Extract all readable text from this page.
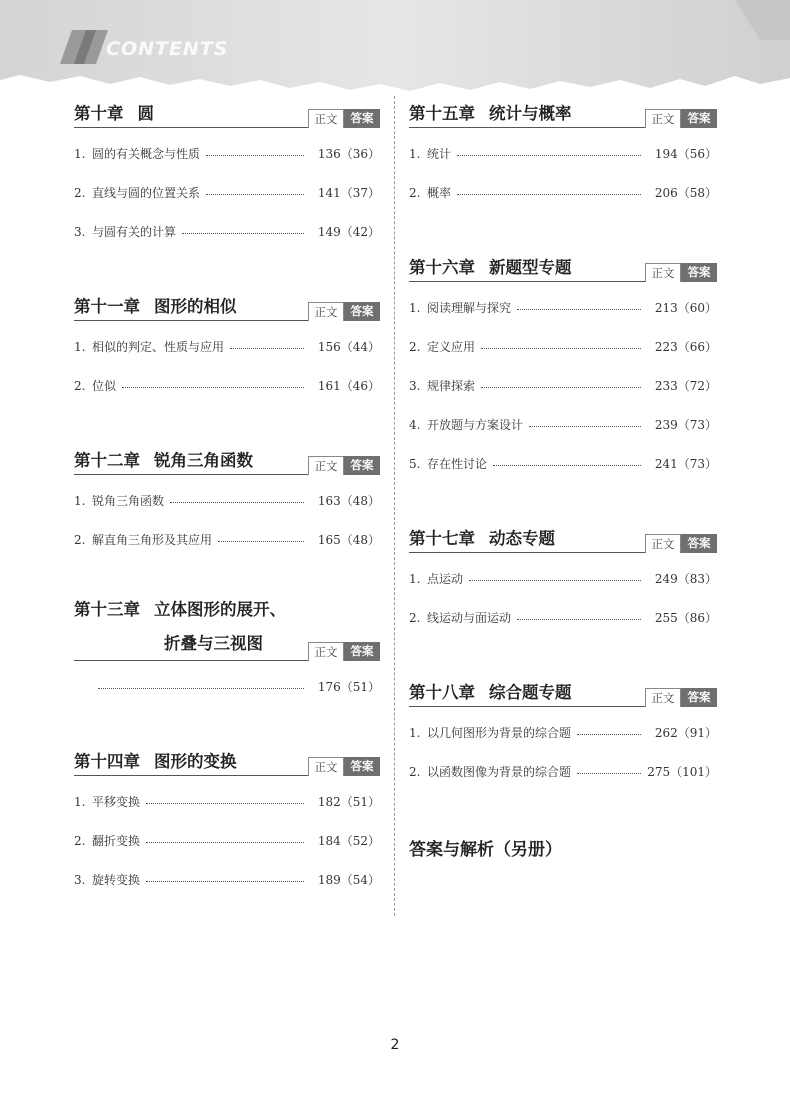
CONTENTS
第十章 圆	正文	答案
1. 圆的有关概念与性质	136（36）
2. 直线与圆的位置关系	141（37）
3. 与圆有关的计算	149（42）
第十一章 图形的相似	正文	答案
1. 相似的判定、性质与应用	156（44）
2. 位似	161（46）
第十二章 锐角三角函数	正文	答案
1. 锐角三角函数	163（48）
2. 解直角三角形及其应用	165（48）
第十三章 立体图形的展开、
折叠与三视图	正文	答案
176（51）
第十四章 图形的变换	正文	答案
1. 平移变换	182（51）
2. 翻折变换	184（52）
3. 旋转变换	189（54）
第十五章 统计与概率	正文	答案
1. 统计	194（56）
2. 概率	206（58）
第十六章 新题型专题	正文	答案
1. 阅读理解与探究	213（60）
2. 定义应用	223（66）
3. 规律探索	233（72）
4. 开放题与方案设计	239（73）
5. 存在性讨论	241（73）
第十七章 动态专题	正文	答案
1. 点运动	249（83）
2. 线运动与面运动	255（86）
第十八章 综合题专题	正文	答案
1. 以几何图形为背景的综合题	262（91）
2. 以函数图像为背景的综合题	275（101）
答案与解析（另册）
2
